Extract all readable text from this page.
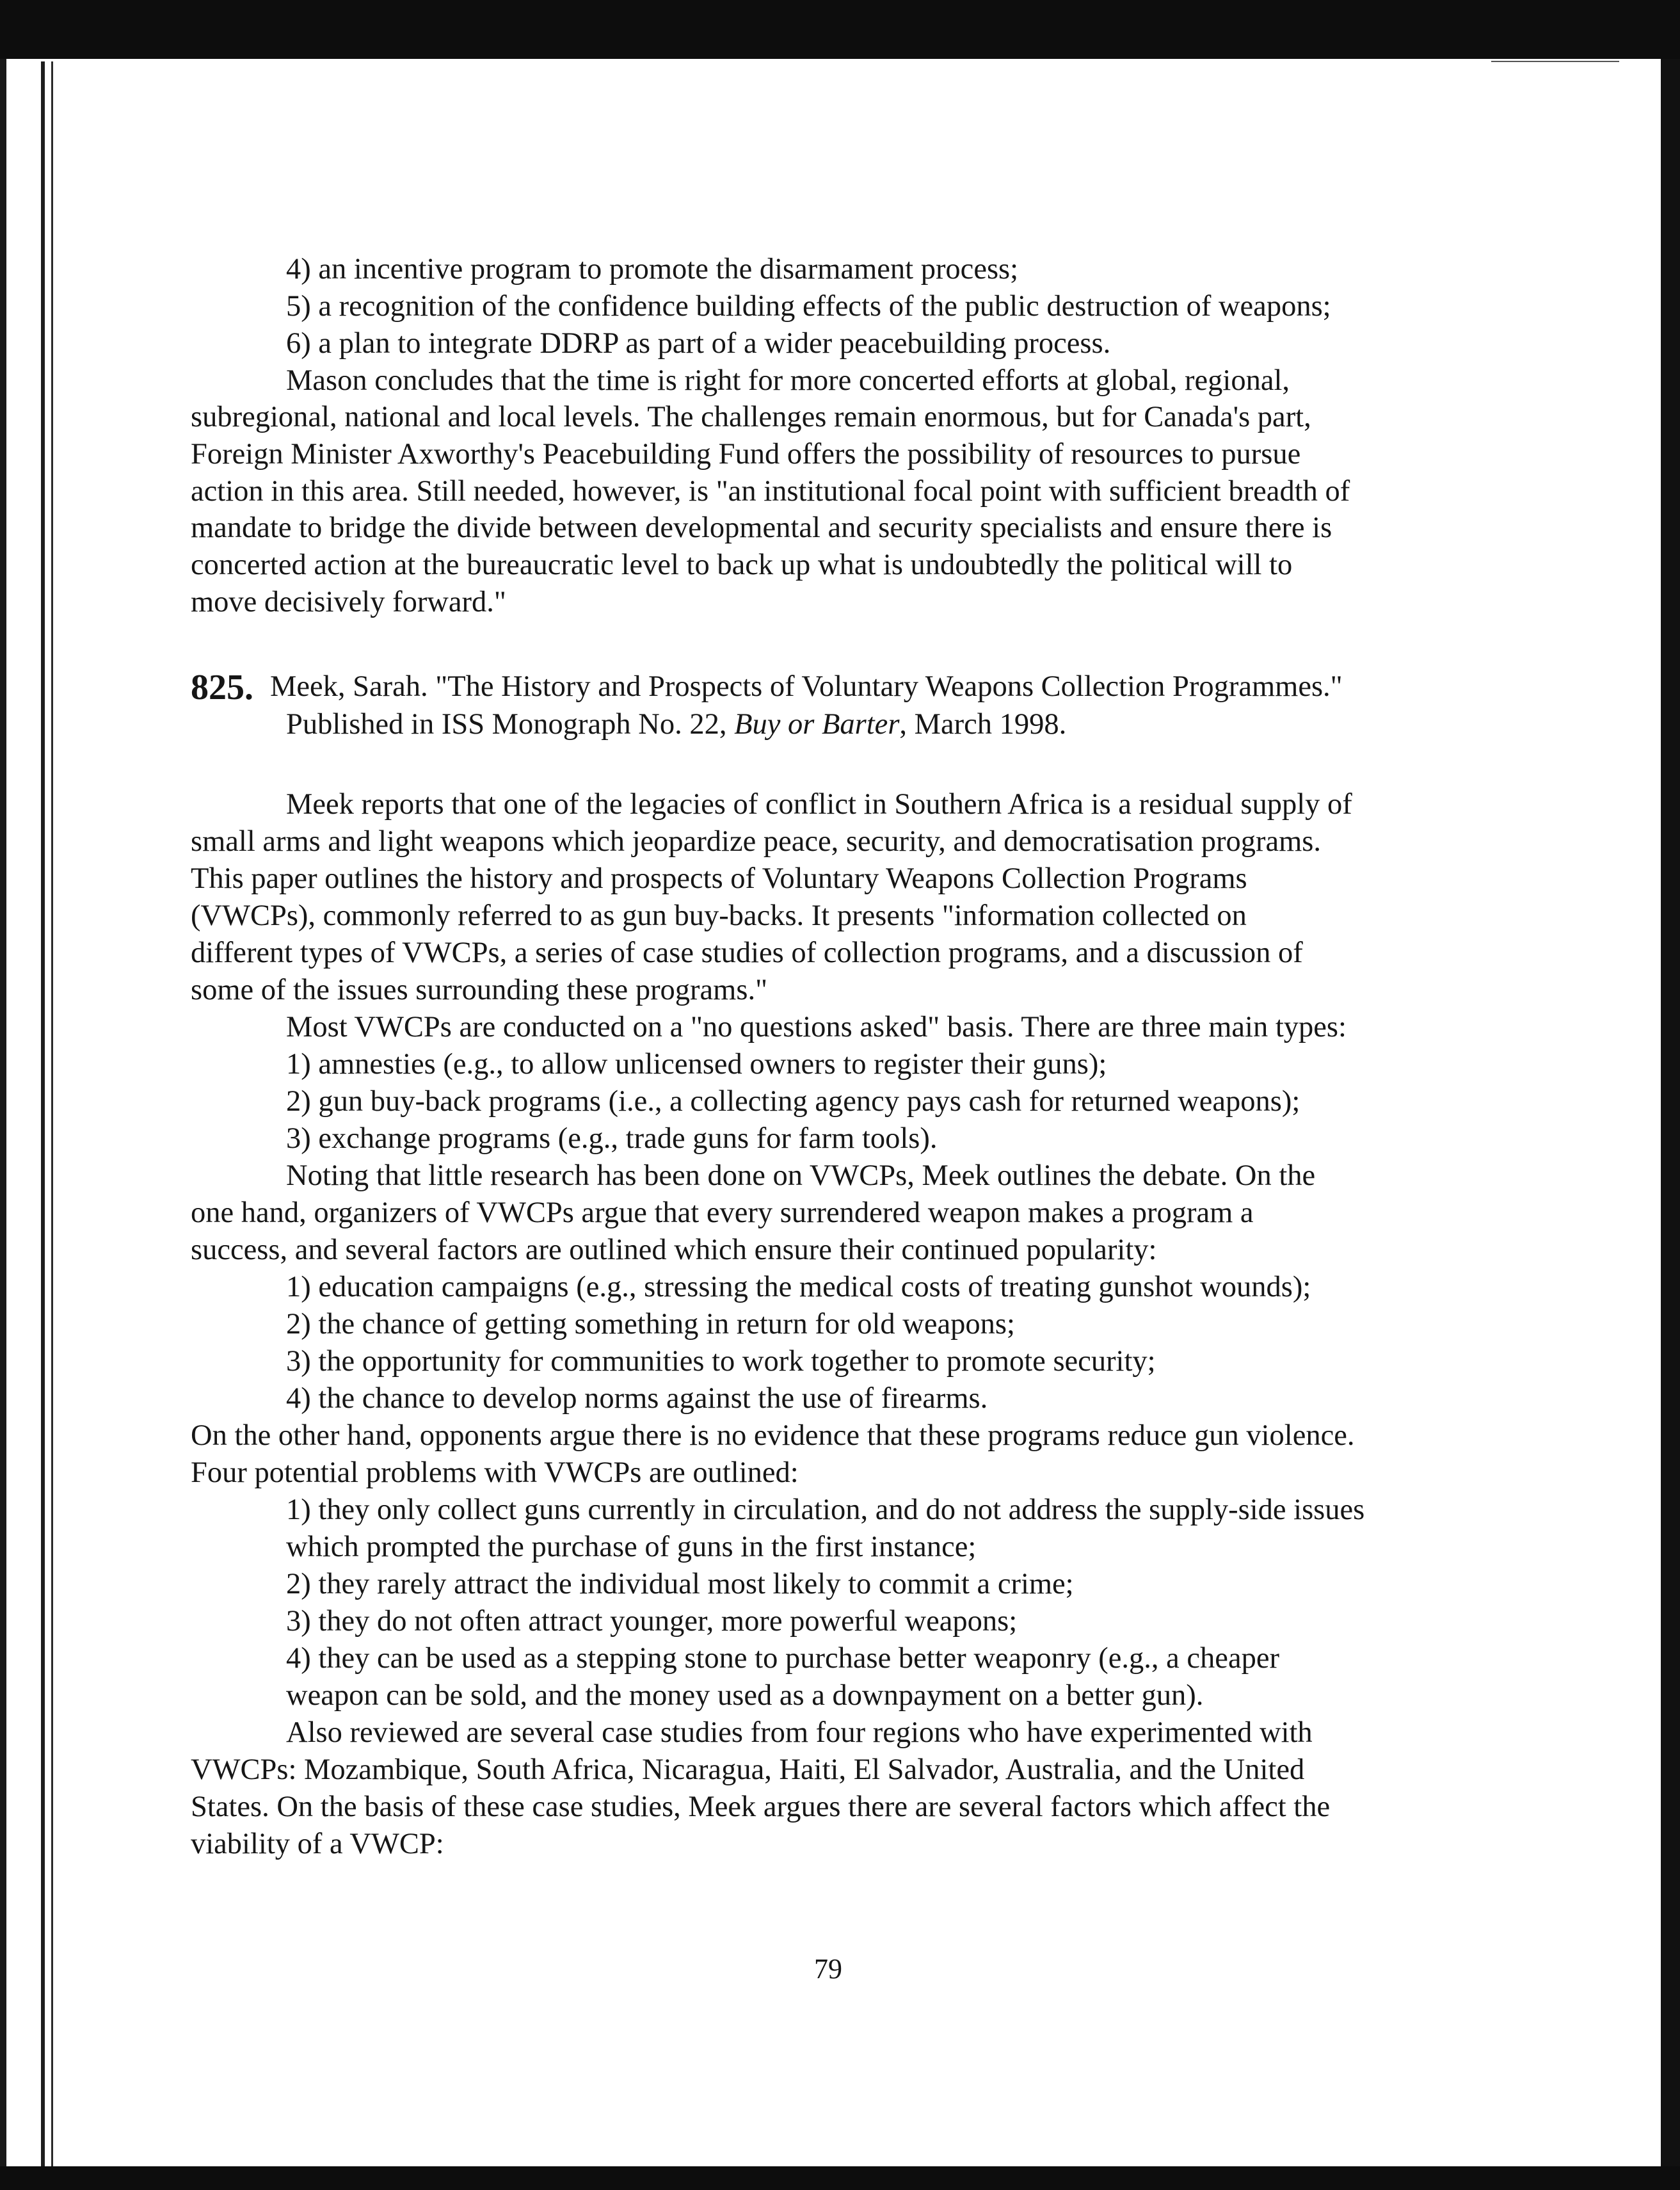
4) an incentive program to promote the disarmament process;
5) a recognition of the confidence building effects of the public destruction of weapons;
6) a plan to integrate DDRP as part of a wider peacebuilding process.
Mason concludes that the time is right for more concerted efforts at global, regional,
subregional, national and local levels. The challenges remain enormous, but for Canada's part,
Foreign Minister Axworthy's Peacebuilding Fund offers the possibility of resources to pursue
action in this area. Still needed, however, is "an institutional focal point with sufficient breadth of
mandate to bridge the divide between developmental and security specialists and ensure there is
concerted action at the bureaucratic level to back up what is undoubtedly the political will to
move decisively forward."
825. Meek, Sarah. "The History and Prospects of Voluntary Weapons Collection Programmes."
Published in ISS Monograph No. 22, Buy or Barter, March 1998.
Meek reports that one of the legacies of conflict in Southern Africa is a residual supply of
small arms and light weapons which jeopardize peace, security, and democratisation programs.
This paper outlines the history and prospects of Voluntary Weapons Collection Programs
(VWCPs), commonly referred to as gun buy-backs. It presents "information collected on
different types of VWCPs, a series of case studies of collection programs, and a discussion of
some of the issues surrounding these programs."
Most VWCPs are conducted on a "no questions asked" basis. There are three main types:
1) amnesties (e.g., to allow unlicensed owners to register their guns);
2) gun buy-back programs (i.e., a collecting agency pays cash for returned weapons);
3) exchange programs (e.g., trade guns for farm tools).
Noting that little research has been done on VWCPs, Meek outlines the debate. On the
one hand, organizers of VWCPs argue that every surrendered weapon makes a program a
success, and several factors are outlined which ensure their continued popularity:
1) education campaigns (e.g., stressing the medical costs of treating gunshot wounds);
2) the chance of getting something in return for old weapons;
3) the opportunity for communities to work together to promote security;
4) the chance to develop norms against the use of firearms.
On the other hand, opponents argue there is no evidence that these programs reduce gun violence.
Four potential problems with VWCPs are outlined:
1) they only collect guns currently in circulation, and do not address the supply-side issues
which prompted the purchase of guns in the first instance;
2) they rarely attract the individual most likely to commit a crime;
3) they do not often attract younger, more powerful weapons;
4) they can be used as a stepping stone to purchase better weaponry (e.g., a cheaper
weapon can be sold, and the money used as a downpayment on a better gun).
Also reviewed are several case studies from four regions who have experimented with
VWCPs: Mozambique, South Africa, Nicaragua, Haiti, El Salvador, Australia, and the United
States. On the basis of these case studies, Meek argues there are several factors which affect the
viability of a VWCP:
79
